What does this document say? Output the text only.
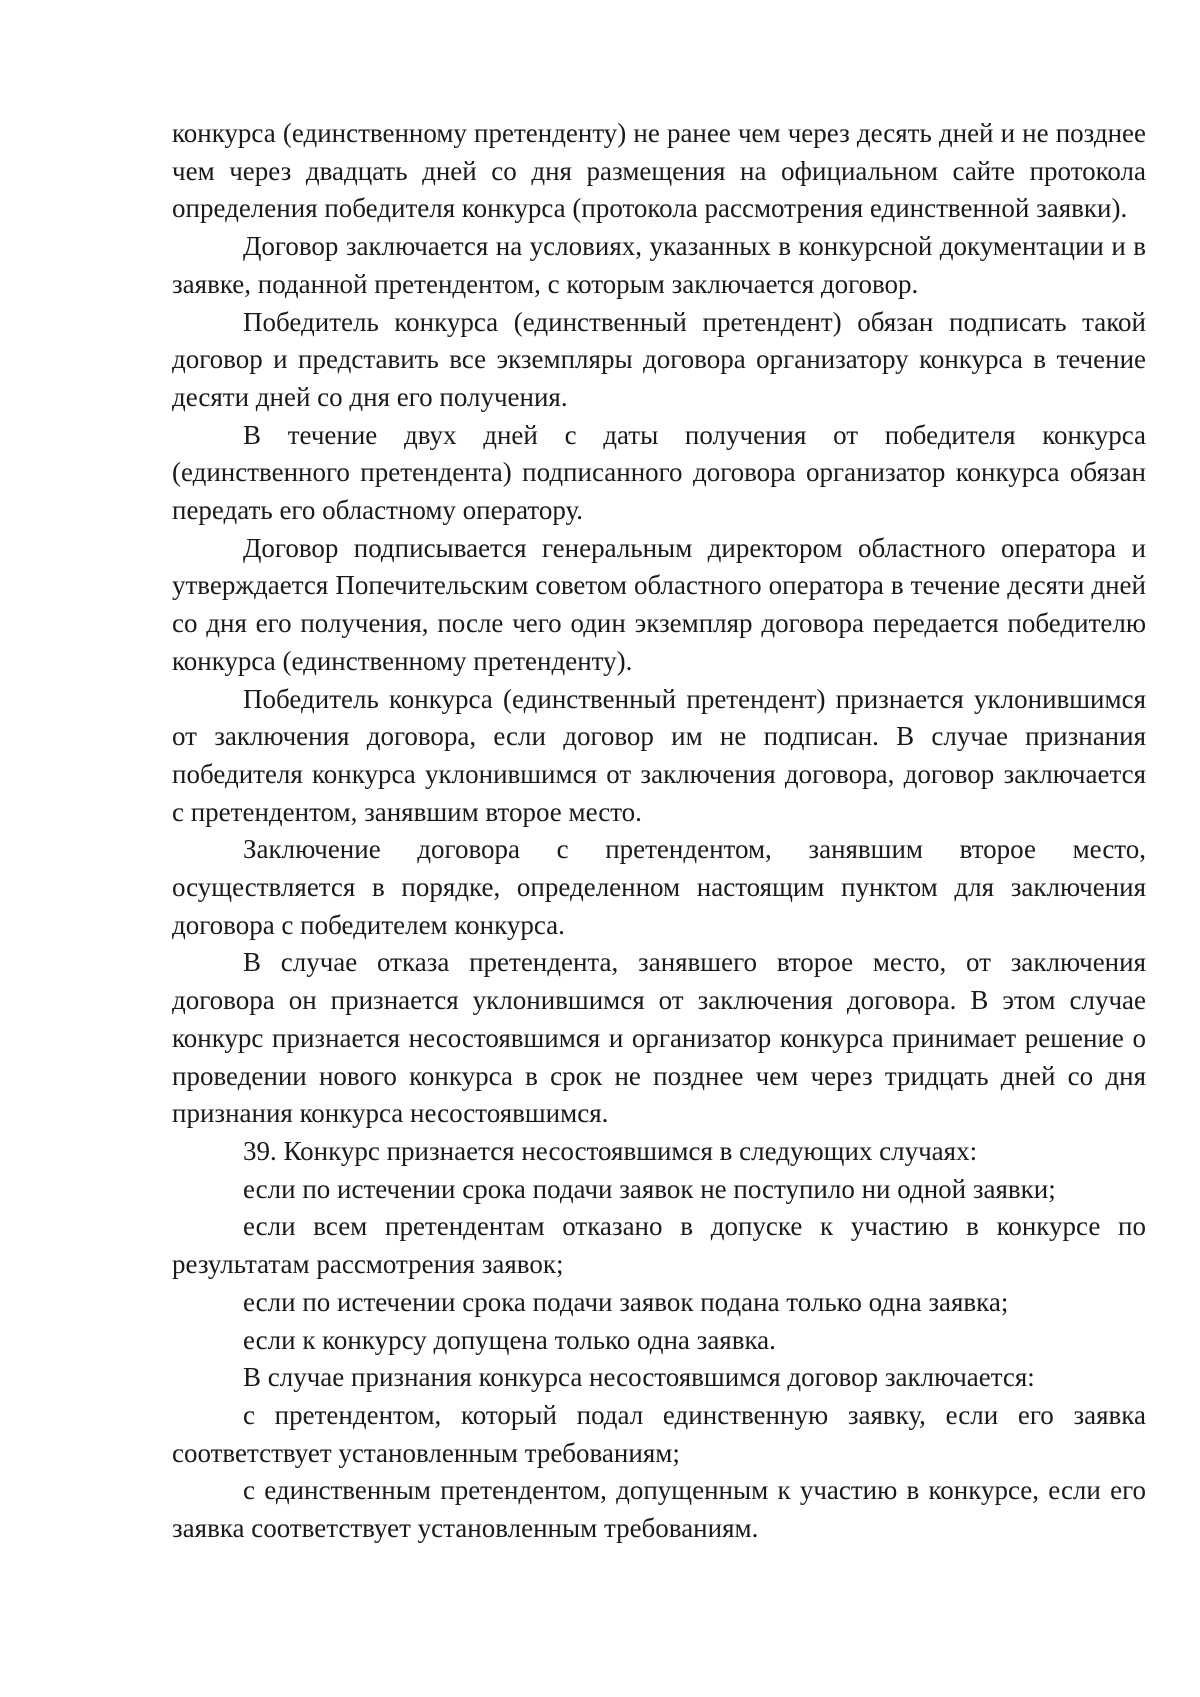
конкурса (единственному претенденту) не ранее чем через десять дней и не позднее чем через двадцать дней со дня размещения на официальном сайте протокола определения победителя конкурса (протокола рассмотрения единственной заявки).

Договор заключается на условиях, указанных в конкурсной документации и в заявке, поданной претендентом, с которым заключается договор.

Победитель конкурса (единственный претендент) обязан подписать такой договор и представить все экземпляры договора организатору конкурса в течение десяти дней со дня его получения.

В течение двух дней с даты получения от победителя конкурса (единственного претендента) подписанного договора организатор конкурса обязан передать его областному оператору.

Договор подписывается генеральным директором областного оператора и утверждается Попечительским советом областного оператора в течение десяти дней со дня его получения, после чего один экземпляр договора передается победителю конкурса (единственному претенденту).

Победитель конкурса (единственный претендент) признается уклонившимся от заключения договора, если договор им не подписан. В случае признания победителя конкурса уклонившимся от заключения договора, договор заключается с претендентом, занявшим второе место.

Заключение договора с претендентом, занявшим второе место, осуществляется в порядке, определенном настоящим пунктом для заключения договора с победителем конкурса.

В случае отказа претендента, занявшего второе место, от заключения договора он признается уклонившимся от заключения договора. В этом случае конкурс признается несостоявшимся и организатор конкурса принимает решение о проведении нового конкурса в срок не позднее чем через тридцать дней со дня признания конкурса несостоявшимся.

39. Конкурс признается несостоявшимся в следующих случаях:

если по истечении срока подачи заявок не поступило ни одной заявки;

если всем претендентам отказано в допуске к участию в конкурсе по результатам рассмотрения заявок;

если по истечении срока подачи заявок подана только одна заявка;

если к конкурсу допущена только одна заявка.

В случае признания конкурса несостоявшимся договор заключается:

с претендентом, который подал единственную заявку, если его заявка соответствует установленным требованиям;

с единственным претендентом, допущенным к участию в конкурсе, если его заявка соответствует установленным требованиям.
